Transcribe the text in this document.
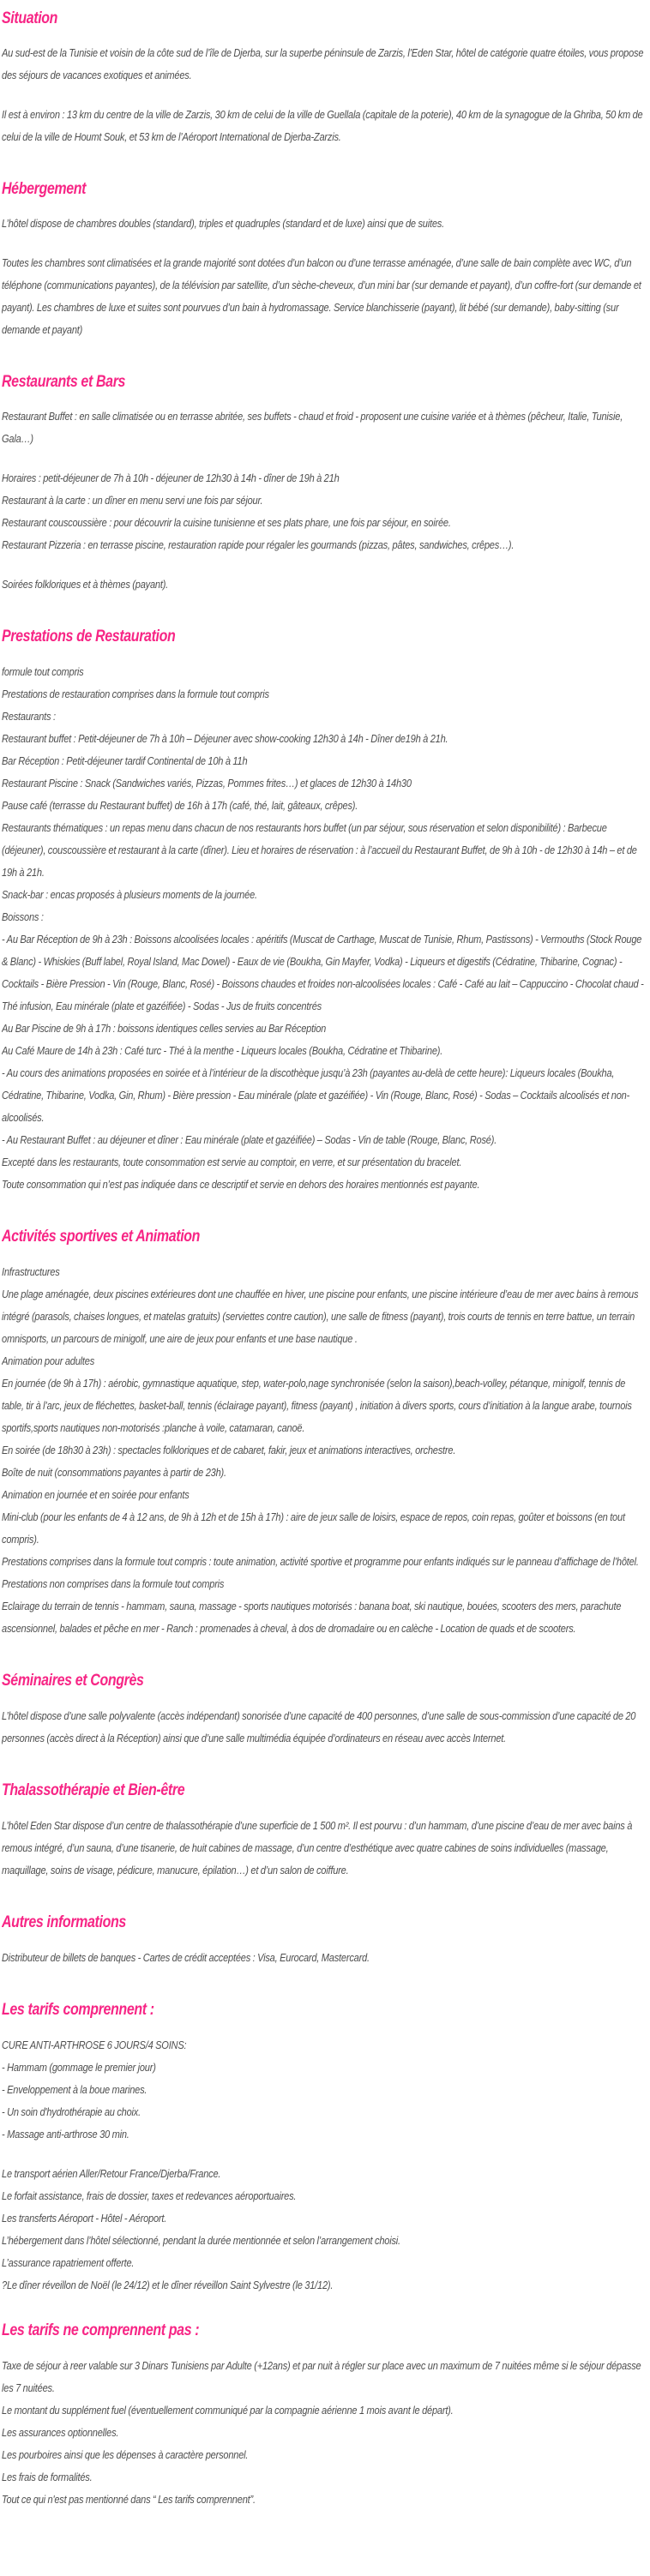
Situation

Au sud-est de la Tunisie et voisin de la côte sud de l’île de Djerba, sur la superbe péninsule de Zarzis, l’Eden Star, hôtel de catégorie quatre étoiles, vous propose des séjours de vacances exotiques et animées.

Il est à environ : 13 km du centre de la ville de Zarzis, 30 km de celui de la ville de Guellala (capitale de la poterie), 40 km de la synagogue de la Ghriba, 50 km de celui de la ville de Houmt Souk, et 53 km de l’Aéroport International de Djerba-Zarzis.

Hébergement

L’hôtel dispose de chambres doubles (standard), triples et quadruples (standard et de luxe) ainsi que de suites.

Toutes les chambres sont climatisées et la grande majorité sont dotées d’un balcon ou d’une terrasse aménagée, d’une salle de bain complète avec WC, d’un téléphone (communications payantes), de la télévision par satellite, d’un sèche-cheveux, d’un mini bar (sur demande et payant), d’un coffre-fort (sur demande et payant). Les chambres de luxe et suites sont pourvues d’un bain à hydromassage. Service blanchisserie (payant), lit bébé (sur demande), baby-sitting (sur demande et payant)

Restaurants et Bars

Restaurant Buffet : en salle climatisée ou en terrasse abritée, ses buffets - chaud et froid - proposent une cuisine variée et à thèmes (pêcheur, Italie, Tunisie, Gala…)

Horaires : petit-déjeuner de 7h à 10h - déjeuner de 12h30 à 14h - dîner de 19h à 21h

Restaurant à la carte : un dîner en menu servi une fois par séjour.

Restaurant couscoussière : pour découvrir la cuisine tunisienne et ses plats phare, une fois par séjour, en soirée.

Restaurant Pizzeria : en terrasse piscine, restauration rapide pour régaler les gourmands (pizzas, pâtes, sandwiches, crêpes…).

Soirées folkloriques et à thèmes (payant).

Prestations de Restauration

formule tout compris

Prestations de restauration comprises dans la formule tout compris

Restaurants :

Restaurant buffet : Petit-déjeuner de 7h à 10h – Déjeuner avec show-cooking 12h30 à 14h - Dîner de19h à 21h.

Bar Réception : Petit-déjeuner tardif Continental de 10h à 11h

Restaurant Piscine : Snack (Sandwiches variés, Pizzas, Pommes frites…) et glaces de 12h30 à 14h30

Pause café (terrasse du Restaurant buffet) de 16h à 17h (café, thé, lait, gâteaux, crêpes).

Restaurants thématiques : un repas menu dans chacun de nos restaurants hors buffet (un par séjour, sous réservation et selon disponibilité) : Barbecue (déjeuner), couscoussière et restaurant à la carte (dîner). Lieu et horaires de réservation : à l’accueil du Restaurant Buffet, de 9h à 10h - de 12h30 à 14h – et de 19h à 21h.

Snack-bar : encas proposés à plusieurs moments de la journée.

Boissons :

- Au Bar Réception de 9h à 23h : Boissons alcoolisées locales : apéritifs (Muscat de Carthage, Muscat de Tunisie, Rhum, Pastissons) - Vermouths (Stock Rouge & Blanc) - Whiskies (Buff label, Royal Island, Mac Dowel) - Eaux de vie (Boukha, Gin Mayfer, Vodka) - Liqueurs et digestifs (Cédratine, Thibarine, Cognac) - Cocktails - Bière Pression - Vin (Rouge, Blanc, Rosé) - Boissons chaudes et froides non-alcoolisées locales : Café - Café au lait – Cappuccino - Chocolat chaud - Thé infusion, Eau minérale (plate et gazéifiée) - Sodas - Jus de fruits concentrés

Au Bar Piscine de 9h à 17h : boissons identiques celles servies au Bar Réception

Au Café Maure de 14h à 23h : Café turc - Thé à la menthe - Liqueurs locales (Boukha, Cédratine et Thibarine).

- Au cours des animations proposées en soirée et à l’intérieur de la discothèque jusqu’à 23h (payantes au-delà de cette heure): Liqueurs locales (Boukha, Cédratine, Thibarine, Vodka, Gin, Rhum) - Bière pression - Eau minérale (plate et gazéifiée) - Vin (Rouge, Blanc, Rosé) - Sodas – Cocktails alcoolisés et non-alcoolisés.

- Au Restaurant Buffet : au déjeuner et dîner : Eau minérale (plate et gazéifiée) – Sodas - Vin de table (Rouge, Blanc, Rosé).

Excepté dans les restaurants, toute consommation est servie au comptoir, en verre, et sur présentation du bracelet.

Toute consommation qui n’est pas indiquée dans ce descriptif et servie en dehors des horaires mentionnés est payante.

Activités sportives et Animation

Infrastructures

Une plage aménagée, deux piscines extérieures dont une chauffée en hiver, une piscine pour enfants, une piscine intérieure d’eau de mer avec bains à remous intégré (parasols, chaises longues, et matelas gratuits) (serviettes contre caution), une salle de fitness (payant), trois courts de tennis en terre battue, un terrain omnisports, un parcours de minigolf, une aire de jeux pour enfants et une base nautique .

Animation pour adultes

En journée (de 9h à 17h) : aérobic, gymnastique aquatique, step, water-polo,nage synchronisée (selon la saison),beach-volley, pétanque, minigolf, tennis de table, tir à l’arc, jeux de fléchettes, basket-ball, tennis (éclairage payant), fitness (payant) , initiation à divers sports, cours d’initiation à la langue arabe, tournois sportifs,sports nautiques non-motorisés :planche à voile, catamaran, canoë.

En soirée (de 18h30 à 23h) : spectacles folkloriques et de cabaret, fakir, jeux et animations interactives, orchestre.

Boîte de nuit (consommations payantes à partir de 23h).

Animation en journée et en soirée pour enfants

Mini-club (pour les enfants de 4 à 12 ans, de 9h à 12h et de 15h à 17h) : aire de jeux salle de loisirs, espace de repos, coin repas, goûter et boissons (en tout compris).

Prestations comprises dans la formule tout compris : toute animation, activité sportive et programme pour enfants indiqués sur le panneau d’affichage de l’hôtel.

Prestations non comprises dans la formule tout compris

Eclairage du terrain de tennis - hammam, sauna, massage - sports nautiques motorisés : banana boat, ski nautique, bouées, scooters des mers, parachute ascensionnel, balades et pêche en mer - Ranch : promenades à cheval, à dos de dromadaire ou en calèche - Location de quads et de scooters.

Séminaires et Congrès

L’hôtel dispose d’une salle polyvalente (accès indépendant) sonorisée d’une capacité de 400 personnes, d’une salle de sous-commission d’une capacité de 20 personnes (accès direct à la Réception) ainsi que d’une salle multimédia équipée d’ordinateurs en réseau avec accès Internet.

Thalassothérapie et Bien-être

L’hôtel Eden Star dispose d’un centre de thalassothérapie d’une superficie de 1 500 m². Il est pourvu : d’un hammam, d’une piscine d’eau de mer avec bains à remous intégré, d’un sauna, d’une tisanerie, de huit cabines de massage, d’un centre d’esthétique avec quatre cabines de soins individuelles (massage, maquillage, soins de visage, pédicure, manucure, épilation…) et d’un salon de coiffure.

Autres informations

Distributeur de billets de banques - Cartes de crédit acceptées : Visa, Eurocard, Mastercard.

Les tarifs comprennent :

CURE ANTI-ARTHROSE 6 JOURS/4 SOINS:

- Hammam (gommage le premier jour)

- Enveloppement à la boue marines.

- Un soin d'hydrothérapie au choix.

- Massage anti-arthrose 30 min.

Le transport aérien Aller/Retour France/Djerba/France.

Le forfait assistance, frais de dossier, taxes et redevances aéroportuaires.

Les transferts Aéroport - Hôtel - Aéroport.

L’hébergement dans l’hôtel sélectionné, pendant la durée mentionnée et selon l’arrangement choisi.

L’assurance rapatriement offerte.

?Le dîner réveillon de Noël (le 24/12) et le dîner réveillon Saint Sylvestre (le 31/12).

Les tarifs ne comprennent pas :

Taxe de séjour à reer valable sur 3 Dinars Tunisiens par Adulte (+12ans) et par nuit à régler sur place avec un maximum de 7 nuitées même si le séjour dépasse les 7 nuitées.

Le montant du supplément fuel (éventuellement communiqué par la compagnie aérienne 1 mois avant le départ).

Les assurances optionnelles.

Les pourboires ainsi que les dépenses à caractère personnel.

Les frais de formalités.

Tout ce qui n'est pas mentionné dans “ Les tarifs comprennent”.
